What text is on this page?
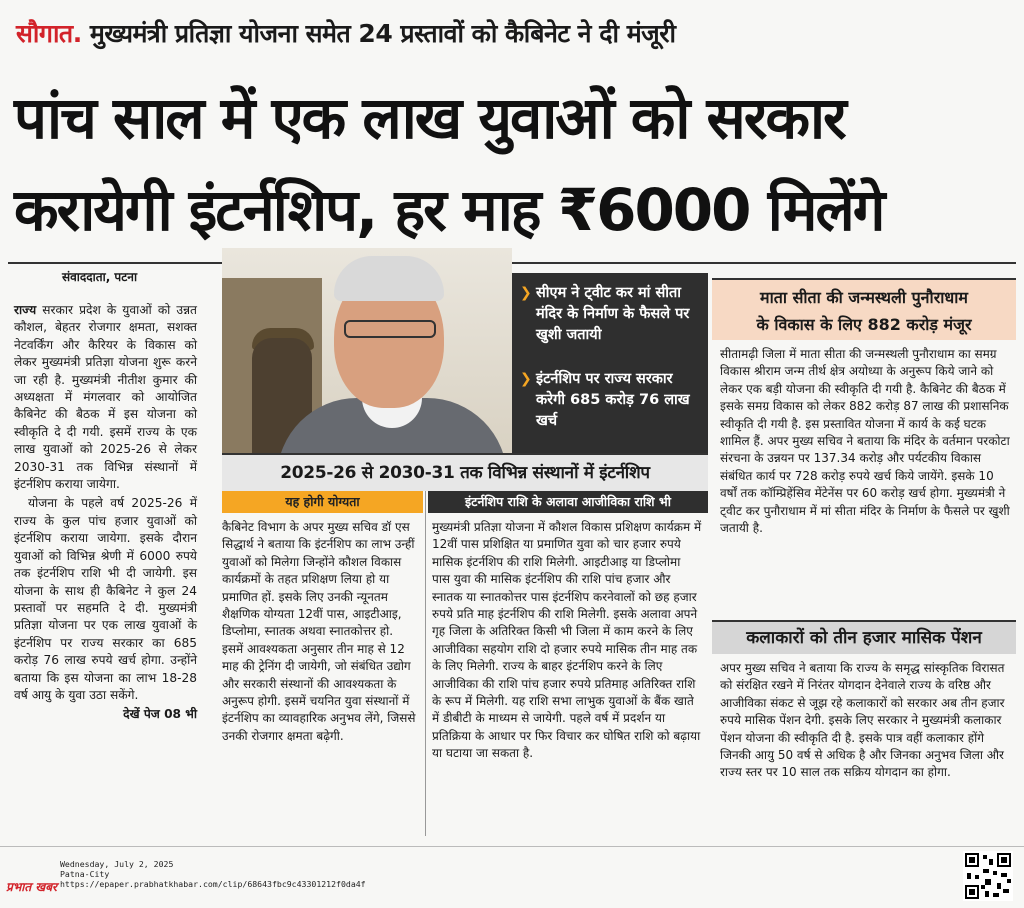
सौगात. मुख्यमंत्री प्रतिज्ञा योजना समेत 24 प्रस्तावों को कैबिनेट ने दी मंजूरी
पांच साल में एक लाख युवाओं को सरकार
करायेगी इंटर्नशिप, हर माह ₹6000 मिलेंगे
संवाददाता, पटना

राज्य सरकार प्रदेश के युवाओं को उन्नत कौशल, बेहतर रोजगार क्षमता, सशक्त नेटवर्किंग और कैरियर के विकास को लेकर मुख्यमंत्री प्रतिज्ञा योजना शुरू करने जा रही है. मुख्यमंत्री नीतीश कुमार की अध्यक्षता में मंगलवार को आयोजित कैबिनेट की बैठक में इस योजना को स्वीकृति दे दी गयी. इसमें राज्य के एक लाख युवाओं को 2025-26 से लेकर 2030-31 तक विभिन्न संस्थानों में इंटर्नशिप कराया जायेगा.

योजना के पहले वर्ष 2025-26 में राज्य के कुल पांच हजार युवाओं को इंटर्नशिप कराया जायेगा. इसके दौरान युवाओं को विभिन्न श्रेणी में 6000 रुपये तक इंटर्नशिप राशि भी दी जायेगी. इस योजना के साथ ही कैबिनेट ने कुल 24 प्रस्तावों पर सहमति दे दी. मुख्यमंत्री प्रतिज्ञा योजना पर एक लाख युवाओं के इंटर्नशिप पर राज्य सरकार का 685 करोड़ 76 लाख रुपये खर्च होगा. उन्होंने बताया कि इस योजना का लाभ 18-28 वर्ष आयु के युवा उठा सकेंगे.

देखें पेज 08 भी
❯ सीएम ने ट्वीट कर मां सीता मंदिर के निर्माण के फैसले पर खुशी जतायी
❯ इंटर्नशिप पर राज्य सरकार करेगी 685 करोड़ 76 लाख खर्च
2025-26 से 2030-31 तक विभिन्न संस्थानों में इंटर्नशिप
यह होगी योग्यता	इंटर्नशिप राशि के अलावा आजीविका राशि भी

कैबिनेट विभाग के अपर मुख्य सचिव डॉ एस सिद्धार्थ ने बताया कि इंटर्नशिप का लाभ उन्हीं युवाओं को मिलेगा जिन्होंने कौशल विकास कार्यक्रमों के तहत प्रशिक्षण लिया हो या प्रमाणित हों. इसके लिए उनकी न्यूनतम शैक्षणिक योग्यता 12वीं पास, आइटीआइ, डिप्लोमा, स्नातक अथवा स्नातकोत्तर हो. इसमें आवश्यकता अनुसार तीन माह से 12 माह की ट्रेनिंग दी जायेगी, जो संबंधित उद्योग और सरकारी संस्थानों की आवश्यकता के अनुरूप होगी. इसमें चयनित युवा संस्थानों में इंटर्नशिप का व्यावहारिक अनुभव लेंगे, जिससे उनकी रोजगार क्षमता बढ़ेगी.

मुख्यमंत्री प्रतिज्ञा योजना में कौशल विकास प्रशिक्षण कार्यक्रम में 12वीं पास प्रशिक्षित या प्रमाणित युवा को चार हजार रुपये मासिक इंटर्नशिप की राशि मिलेगी. आइटीआइ या डिप्लोमा पास युवा की मासिक इंटर्नशिप की राशि पांच हजार और स्नातक या स्नातकोत्तर पास इंटर्नशिप करनेवालों को छह हजार रुपये प्रति माह इंटर्नशिप की राशि मिलेगी. इसके अलावा अपने गृह जिला के अतिरिक्त किसी भी जिला में काम करने के लिए आजीविका सहयोग राशि दो हजार रुपये मासिक तीन माह तक के लिए मिलेगी. राज्य के बाहर इंटर्नशिप करने के लिए आजीविका की राशि पांच हजार रुपये प्रतिमाह अतिरिक्त राशि के रूप में मिलेगी. यह राशि सभा लाभुक युवाओं के बैंक खाते में डीबीटी के माध्यम से जायेगी. पहले वर्ष में प्रदर्शन या प्रतिक्रिया के आधार पर फिर विचार कर घोषित राशि को बढ़ाया या घटाया जा सकता है.

माता सीता की जन्मस्थली पुनौराधाम
के विकास के लिए 882 करोड़ मंजूर

सीतामढ़ी जिला में माता सीता की जन्मस्थली पुनौराधाम का समग्र विकास श्रीराम जन्म तीर्थ क्षेत्र अयोध्या के अनुरूप किये जाने को लेकर एक बड़ी योजना की स्वीकृति दी गयी है. कैबिनेट की बैठक में इसके समग्र विकास को लेकर 882 करोड़ 87 लाख की प्रशासनिक स्वीकृति दी गयी है. इस प्रस्तावित योजना में कार्य के कई घटक शामिल हैं. अपर मुख्य सचिव ने बताया कि मंदिर के वर्तमान परकोटा संरचना के उन्नयन पर 137.34 करोड़ और पर्यटकीय विकास संबंधित कार्य पर 728 करोड़ रुपये खर्च किये जायेंगे. इसके 10 वर्षों तक कॉम्प्रिहेंसिव मेंटेनेंस पर 60 करोड़ खर्च होगा. मुख्यमंत्री ने ट्वीट कर पुनौराधाम में मां सीता मंदिर के निर्माण के फैसले पर खुशी जतायी है.

कलाकारों को तीन हजार मासिक पेंशन

अपर मुख्य सचिव ने बताया कि राज्य के समृद्ध सांस्कृतिक विरासत को संरक्षित रखने में निरंतर योगदान देनेवाले राज्य के वरिष्ठ और आजीविका संकट से जूझ रहे कलाकारों को सरकार अब तीन हजार रुपये मासिक पेंशन देगी. इसके लिए सरकार ने मुख्यमंत्री कलाकार पेंशन योजना की स्वीकृति दी है. इसके पात्र वहीं कलाकार होंगे जिनकी आयु 50 वर्ष से अधिक है और जिनका अनुभव जिला और राज्य स्तर पर 10 साल तक सक्रिय योगदान का होगा.

प्रभात खबर
Wednesday, July 2, 2025
Patna-City
https://epaper.prabhatkhabar.com/clip/68643fbc9c43301212f0da4f
